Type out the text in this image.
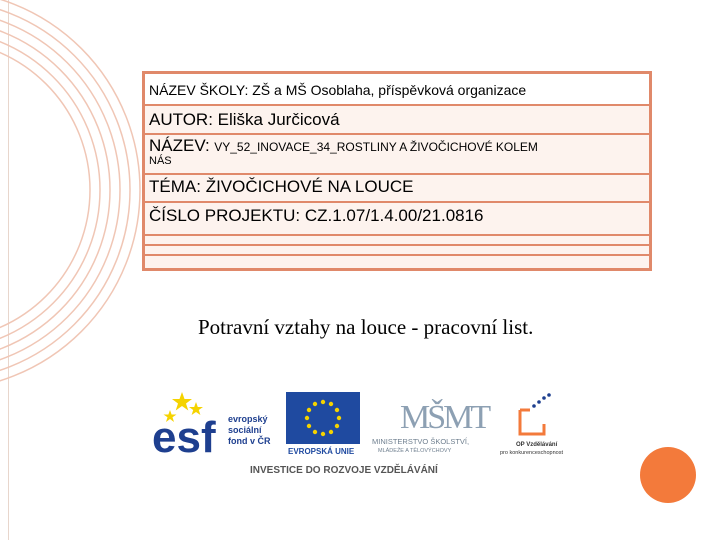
NÁZEV ŠKOLY: ZŠ a MŠ Osoblaha, příspěvková organizace
AUTOR: Eliška Jurčicová
NÁZEV: VY_52_INOVACE_34_ROSTLINY A ŽIVOČICHOVÉ KOLEM
NÁS
TÉMA: ŽIVOČICHOVÉ NA LOUCE
ČÍSLO PROJEKTU: CZ.1.07/1.4.00/21.0816
Potravní vztahy na louce - pracovní list.
esf evropský
sociální
fond v ČR
EVROPSKÁ UNIE
MŠMT
MINISTERSTVO ŠKOLSTVÍ,
MLÁDEŽE A TĚLOVÝCHOVY
OP Vzdělávání
pro konkurenceschopnost
INVESTICE DO ROZVOJE VZDĚLÁVÁNÍ
